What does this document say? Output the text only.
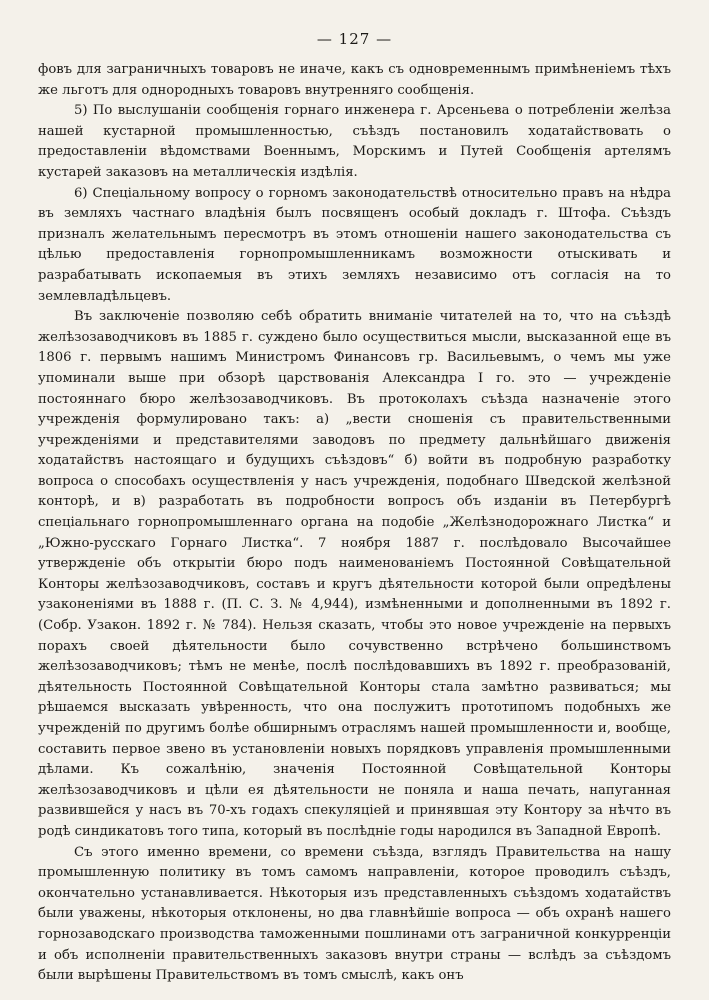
— 127 —

фовъ для заграничныхъ товаровъ не иначе, какъ съ одновременнымъ примѣненіемъ тѣхъ же льготъ для однородныхъ товаровъ внутренняго сообщенія.

5) По выслушаніи сообщенія горнаго инженера г. Арсеньева о потребленіи желѣза нашей кустарной промышленностью, съѣздъ постановилъ ходатайствовать о предоставленіи вѣдомствами Военнымъ, Морскимъ и Путей Сообщенія артелямъ кустарей заказовъ на металлическія издѣлія.

6) Спеціальному вопросу о горномъ законодательствѣ относительно правъ на нѣдра въ земляхъ частнаго владѣнія былъ посвященъ особый докладъ г. Штофа. Съѣздъ призналъ желательнымъ пересмотръ въ этомъ отношеніи нашего законодательства съ цѣлью предоставленія горнопромышленникамъ возможности отыскивать и разрабатывать ископаемыя въ этихъ земляхъ независимо отъ согласія на то землевладѣльцевъ.

Въ заключеніе позволяю себѣ обратить вниманіе читателей на то, что на съѣздѣ желѣзозаводчиковъ въ 1885 г. суждено было осуществиться мысли, высказанной еще въ 1806 г. первымъ нашимъ Министромъ Финансовъ гр. Васильевымъ, о чемъ мы уже упоминали выше при обзорѣ царствованія Александра I го. это — учрежденіе постояннаго бюро желѣзозаводчиковъ. Въ протоколахъ съѣзда назначеніе этого учрежденія формулировано такъ: а) „вести сношенія съ правительственными учрежденіями и представителями заводовъ по предмету дальнѣйшаго движенія ходатайствъ настоящаго и будущихъ съѣздовъ“ б) войти въ подробную разработку вопроса о способахъ осуществленія у насъ учрежденія, подобнаго Шведской желѣзной конторѣ, и в) разработать въ подробности вопросъ объ изданіи въ Петербургѣ спеціальнаго горнопромышленнаго органа на подобіе „Желѣзнодорожнаго Листка“ и „Южно-русскаго Горнаго Листка“. 7 ноября 1887 г. послѣдовало Высочайшее утвержденіе объ открытіи бюро подъ наименованіемъ Постоянной Совѣщательной Конторы желѣзозаводчиковъ, составъ и кругъ дѣятельности которой были опредѣлены узаконеніями въ 1888 г. (П. С. З. № 4,944), измѣненными и дополненными въ 1892 г. (Собр. Узакон. 1892 г. № 784). Нельзя сказать, чтобы это новое учрежденіе на первыхъ порахъ своей дѣятельности было сочувственно встрѣчено большинствомъ желѣзозаводчиковъ; тѣмъ не менѣе, послѣ послѣдовавшихъ въ 1892 г. преобразованій, дѣятельность Постоянной Совѣщательной Конторы стала замѣтно развиваться; мы рѣшаемся высказать увѣренность, что она послужитъ прототипомъ подобныхъ же учрежденій по другимъ болѣе обширнымъ отраслямъ нашей промышленности и, вообще, составить первое звено въ установленіи новыхъ порядковъ управленія промышленными дѣлами. Къ сожалѣнію, значенія Постоянной Совѣщательной Конторы желѣзозаводчиковъ и цѣли ея дѣятельности не поняла и наша печать, напуганная развившейся у насъ въ 70-хъ годахъ спекуляціей и принявшая эту Контору за нѣчто въ родѣ синдикатовъ того типа, который въ послѣдніе годы народился въ Западной Европѣ.

Съ этого именно времени, со времени съѣзда, взглядъ Правительства на нашу промышленную политику въ томъ самомъ направленіи, которое проводилъ съѣздъ, окончательно устанавливается. Нѣкоторыя изъ представленныхъ съѣздомъ ходатайствъ были уважены, нѣкоторыя отклонены, но два главнѣйшіе вопроса — объ охранѣ нашего горнозаводскаго производства таможенными пошлинами отъ заграничной конкурренціи и объ исполненіи правительственныхъ заказовъ внутри страны — вслѣдъ за съѣздомъ были вырѣшены Правительствомъ въ томъ смыслѣ, какъ онъ
